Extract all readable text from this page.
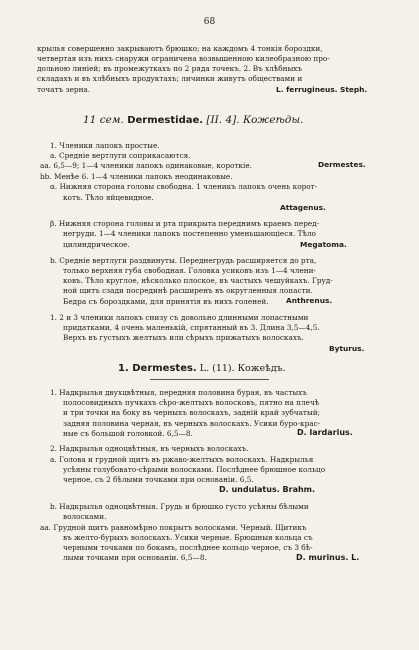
68
крылья совершенно закрываютъ брюшко; на каждомъ 4 тонкія бороздки,
четвертая изъ нихъ снаружи ограничена возвышенною килеобразною про-
дольною линіей; въ промежуткахъ по 2 ряда точекъ. 2. Въ хлѣбныхъ
складахъ и въ хлѣбныхъ продуктахъ; личинки живутъ обществами и
точатъ зерна.	L. ferrugineus. Steph.
11 сем. Dermestidae. [II. 4]. Кожеѣды.
1. Членики лапокъ простые.
a. Средніе вертлуги соприкасаются.
aa. 6,5—9; 1—4 членики лапокъ одинаковые, короткіе.	Dermestes.
bb. Менѣе 6. 1—4 членики лапокъ неодинаковые.
α. Нижняя сторона головы свободна. 1 членикъ лапокъ очень корот-
котъ. Тѣло яйцевидное.
Attagenus.
β. Нижняя сторона головы и рта прикрыта переднимъ краемъ перед-
негруди. 1—4 членики лапокъ постепенно уменьшающіеся. Тѣло
цилиндрическое.	Megatoma.
b. Средніе вертлуги раздвинуты. Переднегрудь расширяется до рта,
только верхняя губа свободная. Головка усиковъ изъ 1—4 члени-
ковъ. Тѣло круглое, нѣсколько плоское, въ частыхъ чешуйкахъ. Груд-
ной щитъ сзади посрединѣ расширенъ въ округленныя лопасти.
Бедра съ бороздками, для принятія въ нихъ голеней. Anthrenus.
1. 2 и 3 членики лапокъ снизу съ довольно длинными лопастными
придатками, 4 очень маленькій, спрятанный въ 3. Длина 3,5—4,5.
Верхъ въ густыхъ желтыхъ или сѣрыхъ прижатыхъ волоскахъ.
Byturus.
1. Dermestes. L. (11). Кожеѣдъ.
1. Надкрылья двухцвѣтныя, передняя половина бурая, въ частыхъ
полосовидныхъ пучкахъ сѣро-желтыхъ волосковъ, пятно на плечѣ
и три точки на боку въ черныхъ волоскахъ, задній край зубчатый;
задняя половина черная, въ черныхъ волоскахъ. Усики буро-крас-
ные съ большой головкой. 6,5—8.	D. lardarius.
2. Надкрылья одноцвѣтныя, въ черныхъ волоскахъ.
a. Голова и грудной щитъ въ ржаво-желтыхъ волоскахъ. Надкрылья
усѣяны голубовато-сѣрыми волосками. Послѣднее брюшное кольцо
черное, съ 2 бѣлыми точками при основаніи. 6,5.
D. undulatus. Brahm.
b. Надкрылья одноцвѣтныя. Грудь и брюшко густо усѣяны бѣлыми
волосками.
aa. Грудной щитъ равномѣрно покрытъ волосками. Черный. Щитикъ
въ желто-бурыхъ волоскахъ. Усики черные. Брюшныя кольца съ
черными точками по бокамъ, послѣднее кольцо черное, съ 3 бѣ-
лыми точками при основаніи. 6,5—8.	D. murinus. L.
